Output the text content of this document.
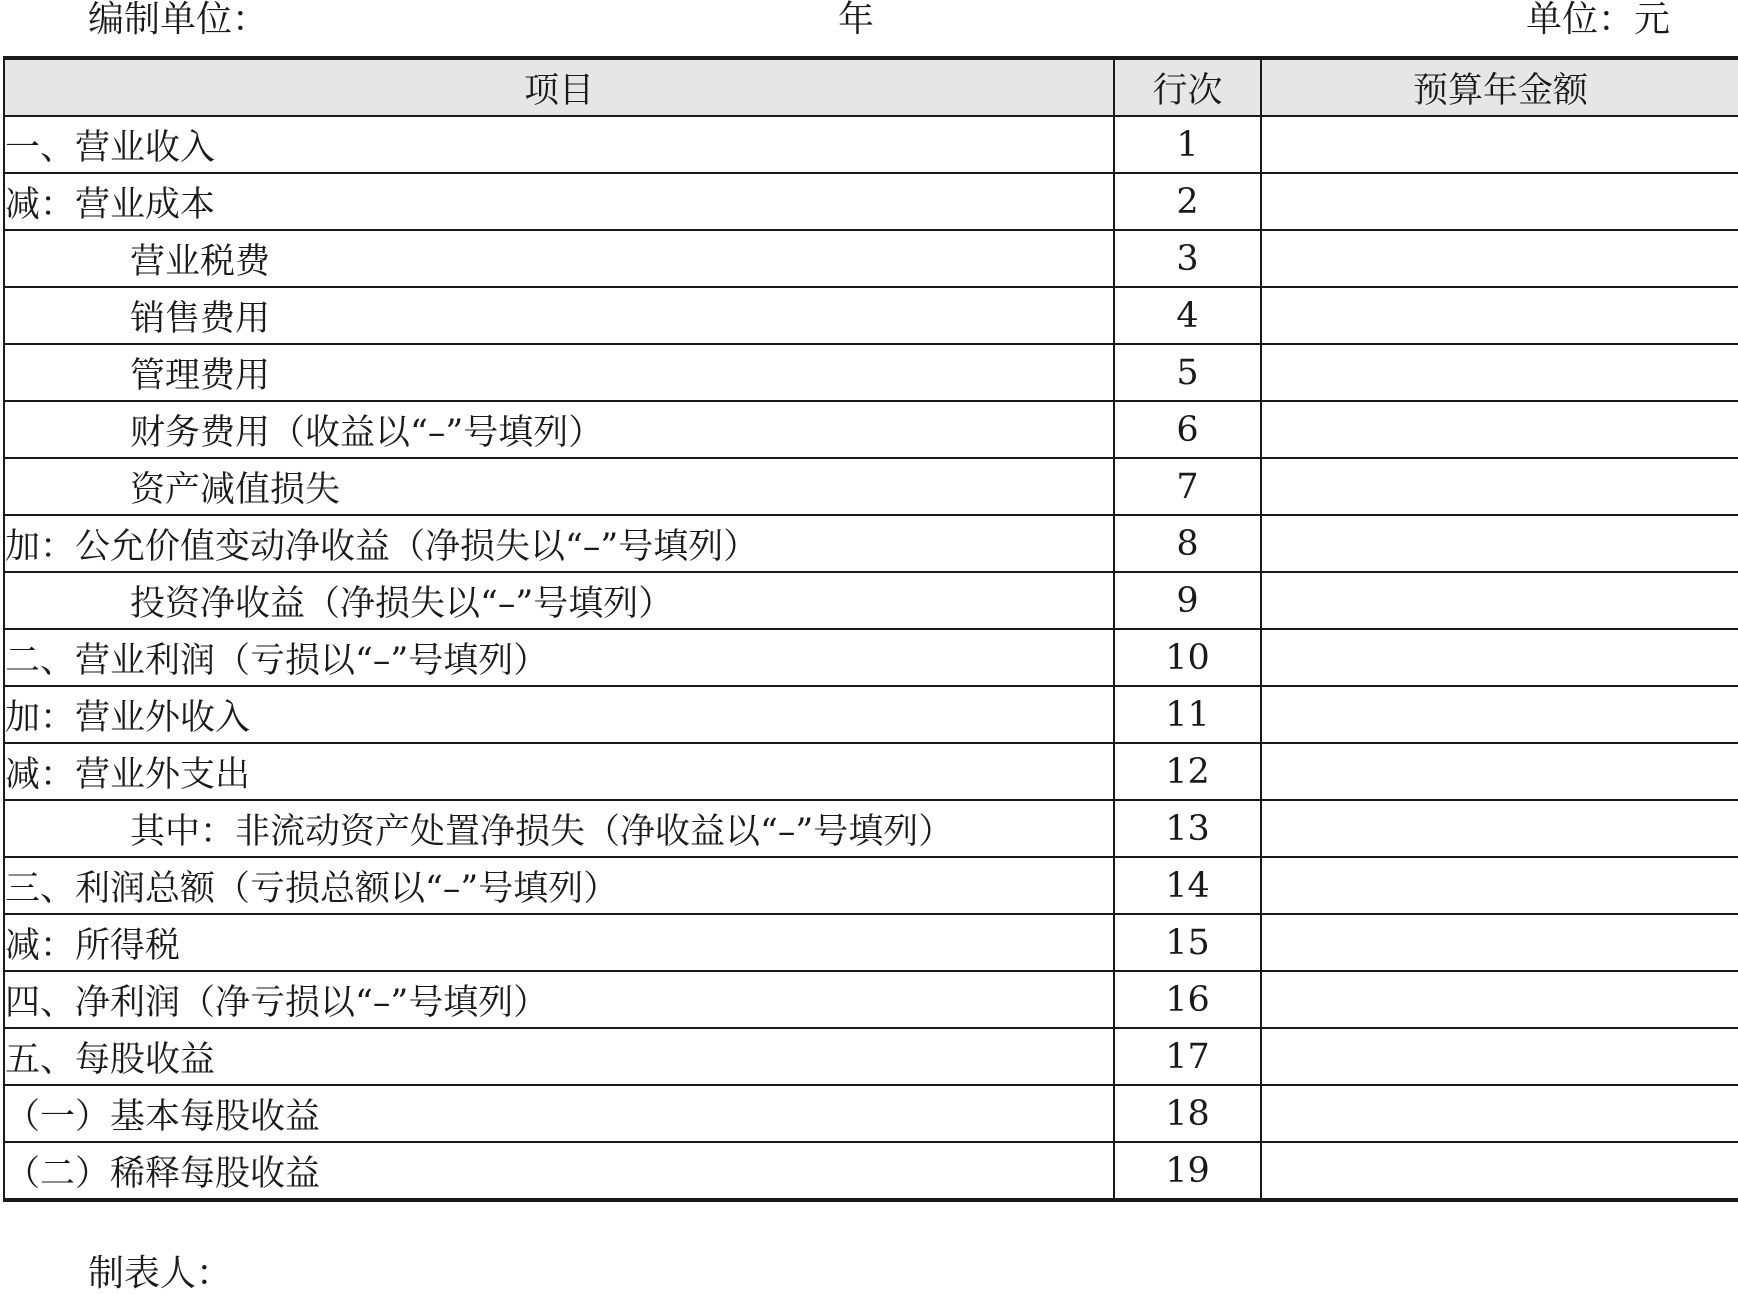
编制单位：	年	单位：元
项目	行次	预算年金额
一、营业收入	1	
减：营业成本	2	
营业税费	3	
销售费用	4	
管理费用	5	
财务费用（收益以“–”号填列）	6	
资产减值损失	7	
加：公允价值变动净收益（净损失以“–”号填列）	8	
投资净收益（净损失以“–”号填列）	9	
二、营业利润（亏损以“–”号填列）	10	
加：营业外收入	11	
减：营业外支出	12	
其中：非流动资产处置净损失（净收益以“–”号填列）	13	
三、利润总额（亏损总额以“–”号填列）	14	
减：所得税	15	
四、净利润（净亏损以“–”号填列）	16	
五、每股收益	17	
（一）基本每股收益	18	
（二）稀释每股收益	19	
制表人：
